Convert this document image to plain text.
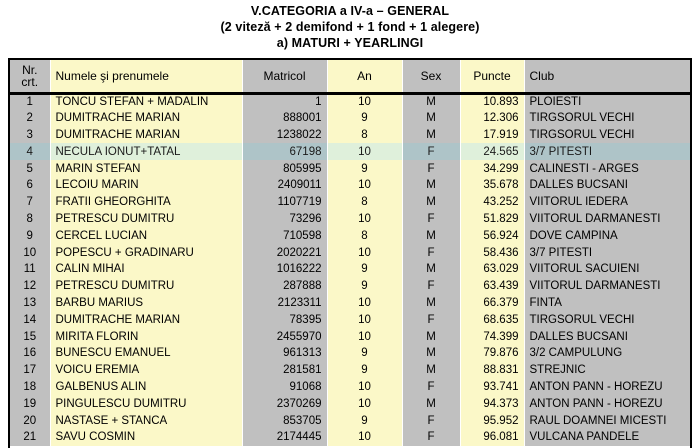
V.CATEGORIA a IV-a – GENERAL
(2 viteză + 2 demifond + 1 fond + 1 alegere)
a) MATURI + YEARLINGI
Nr.
crt.	Numele şi prenumele	Matricol	An	Sex	Puncte	Club
1	TONCU STEFAN + MADALIN	1	10	M	10.893	PLOIESTI
2	DUMITRACHE MARIAN	888001	9	M	12.306	TIRGSORUL VECHI
3	DUMITRACHE MARIAN	1238022	8	M	17.919	TIRGSORUL VECHI
4	NECULA IONUT+TATAL	67198	10	F	24.565	3/7 PITESTI
5	MARIN STEFAN	805995	9	F	34.299	CALINESTI - ARGES
6	LECOIU MARIN	2409011	10	M	35.678	DALLES BUCSANI
7	FRATII GHEORGHITA	1107719	8	M	43.252	VIITORUL IEDERA
8	PETRESCU DUMITRU	73296	10	F	51.829	VIITORUL DARMANESTI
9	CERCEL LUCIAN	710598	8	M	56.924	DOVE CAMPINA
10	POPESCU + GRADINARU	2020221	10	F	58.436	3/7 PITESTI
11	CALIN MIHAI	1016222	9	M	63.029	VIITORUL SACUIENI
12	PETRESCU DUMITRU	287888	9	F	63.439	VIITORUL DARMANESTI
13	BARBU MARIUS	2123311	10	M	66.379	FINTA
14	DUMITRACHE MARIAN	78395	10	F	68.635	TIRGSORUL VECHI
15	MIRITA FLORIN	2455970	10	M	74.399	DALLES BUCSANI
16	BUNESCU EMANUEL	961313	9	M	79.876	3/2 CAMPULUNG
17	VOICU EREMIA	281581	9	M	88.831	STREJNIC
18	GALBENUS ALIN	91068	10	F	93.741	ANTON PANN - HOREZU
19	PINGULESCU DUMITRU	2370269	10	M	94.373	ANTON PANN - HOREZU
20	NASTASE + STANCA	853705	9	F	95.952	RAUL DOAMNEI MICESTI
21	SAVU COSMIN	2174445	10	F	96.081	VULCANA PANDELE
